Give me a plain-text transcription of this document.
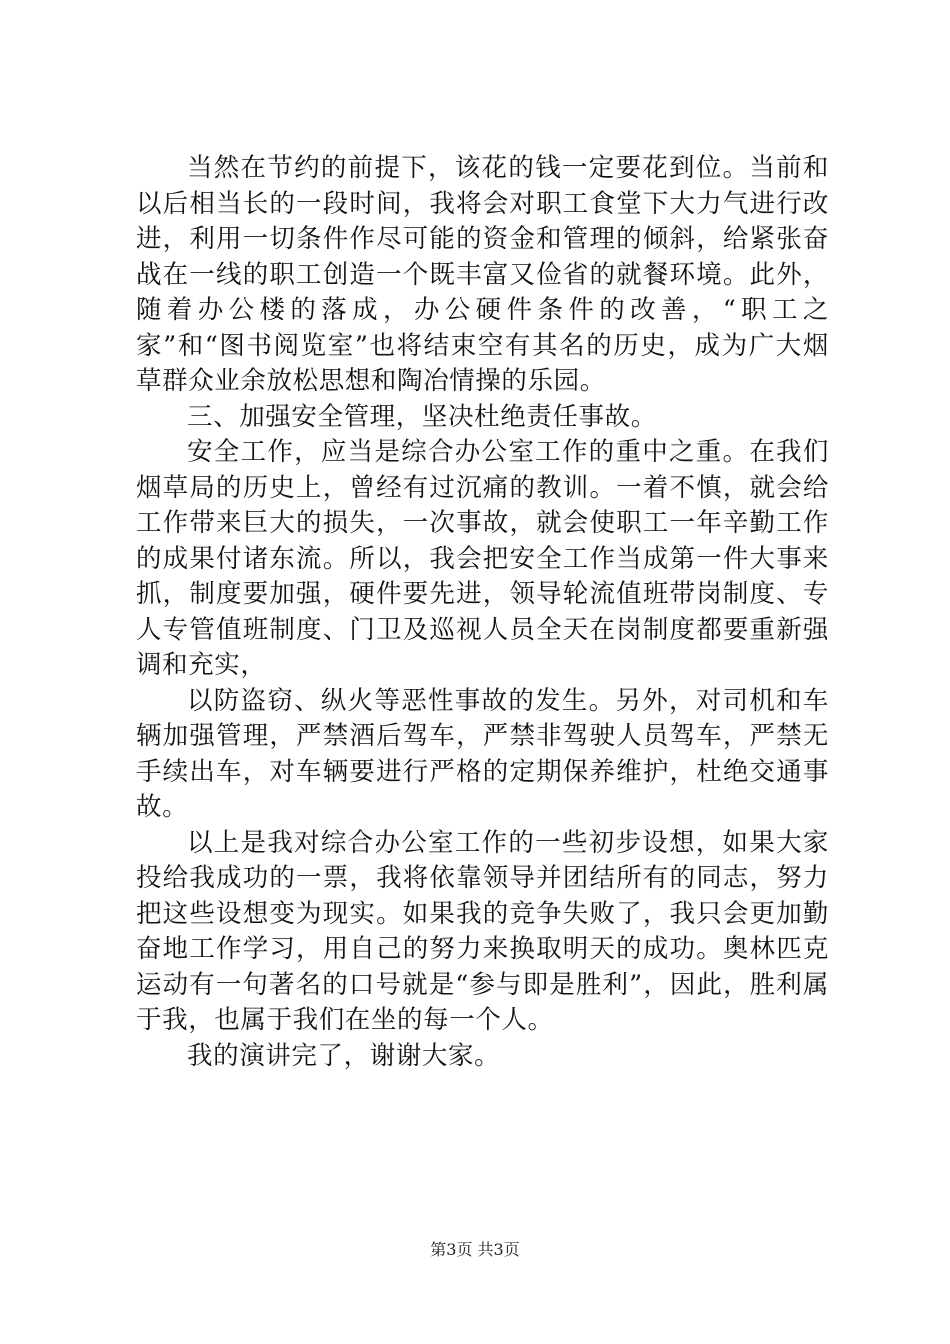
当然在节约的前提下，该花的钱一定要花到位。当前和以后相当长的一段时间，我将会对职工食堂下大力气进行改进，利用一切条件作尽可能的资金和管理的倾斜，给紧张奋战在一线的职工创造一个既丰富又俭省的就餐环境。此外，随着办公楼的落成，办公硬件条件的改善，“职工之家”和“图书阅览室”也将结束空有其名的历史，成为广大烟草群众业余放松思想和陶冶情操的乐园。

三、加强安全管理，坚决杜绝责任事故。

安全工作，应当是综合办公室工作的重中之重。在我们烟草局的历史上，曾经有过沉痛的教训。一着不慎，就会给工作带来巨大的损失，一次事故，就会使职工一年辛勤工作的成果付诸东流。所以，我会把安全工作当成第一件大事来抓，制度要加强，硬件要先进，领导轮流值班带岗制度、专人专管值班制度、门卫及巡视人员全天在岗制度都要重新强调和充实，

以防盗窃、纵火等恶性事故的发生。另外，对司机和车辆加强管理，严禁酒后驾车，严禁非驾驶人员驾车，严禁无手续出车，对车辆要进行严格的定期保养维护，杜绝交通事故。

以上是我对综合办公室工作的一些初步设想，如果大家投给我成功的一票，我将依靠领导并团结所有的同志，努力把这些设想变为现实。如果我的竞争失败了，我只会更加勤奋地工作学习，用自己的努力来换取明天的成功。奥林匹克运动有一句著名的口号就是“参与即是胜利”，因此，胜利属于我，也属于我们在坐的每一个人。

我的演讲完了，谢谢大家。

第3页 共3页
